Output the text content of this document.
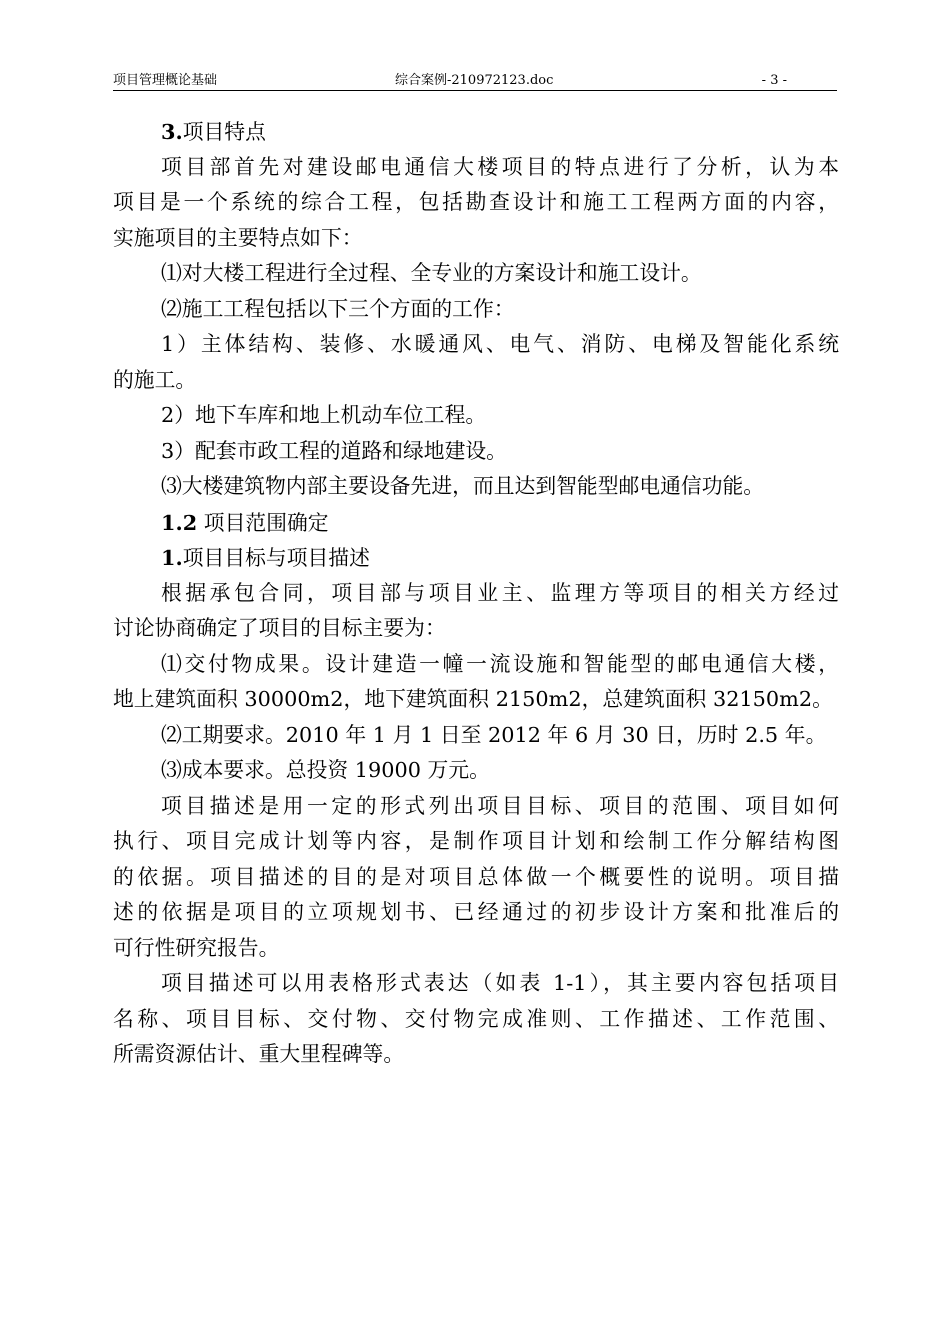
项目管理概论基础	综合案例-210972123.doc	- 3 -
3.项目特点
项目部首先对建设邮电通信大楼项目的特点进行了分析，认为本
项目是一个系统的综合工程，包括勘查设计和施工工程两方面的内容，
实施项目的主要特点如下：
⑴对大楼工程进行全过程、全专业的方案设计和施工设计。
⑵施工工程包括以下三个方面的工作：
1）主体结构、装修、水暖通风、电气、消防、电梯及智能化系统
的施工。
2）地下车库和地上机动车位工程。
3）配套市政工程的道路和绿地建设。
⑶大楼建筑物内部主要设备先进，而且达到智能型邮电通信功能。
1.2 项目范围确定
1.项目目标与项目描述
根据承包合同，项目部与项目业主、监理方等项目的相关方经过
讨论协商确定了项目的目标主要为：
⑴交付物成果。设计建造一幢一流设施和智能型的邮电通信大楼，
地上建筑面积 30000m2，地下建筑面积 2150m2，总建筑面积 32150m2。
⑵工期要求。2010 年 1 月 1 日至 2012 年 6 月 30 日，历时 2.5 年。
⑶成本要求。总投资 19000 万元。
项目描述是用一定的形式列出项目目标、项目的范围、项目如何
执行、项目完成计划等内容，是制作项目计划和绘制工作分解结构图
的依据。项目描述的目的是对项目总体做一个概要性的说明。项目描
述的依据是项目的立项规划书、已经通过的初步设计方案和批准后的
可行性研究报告。
项目描述可以用表格形式表达（如表 1-1），其主要内容包括项目
名称、项目目标、交付物、交付物完成准则、工作描述、工作范围、
所需资源估计、重大里程碑等。
